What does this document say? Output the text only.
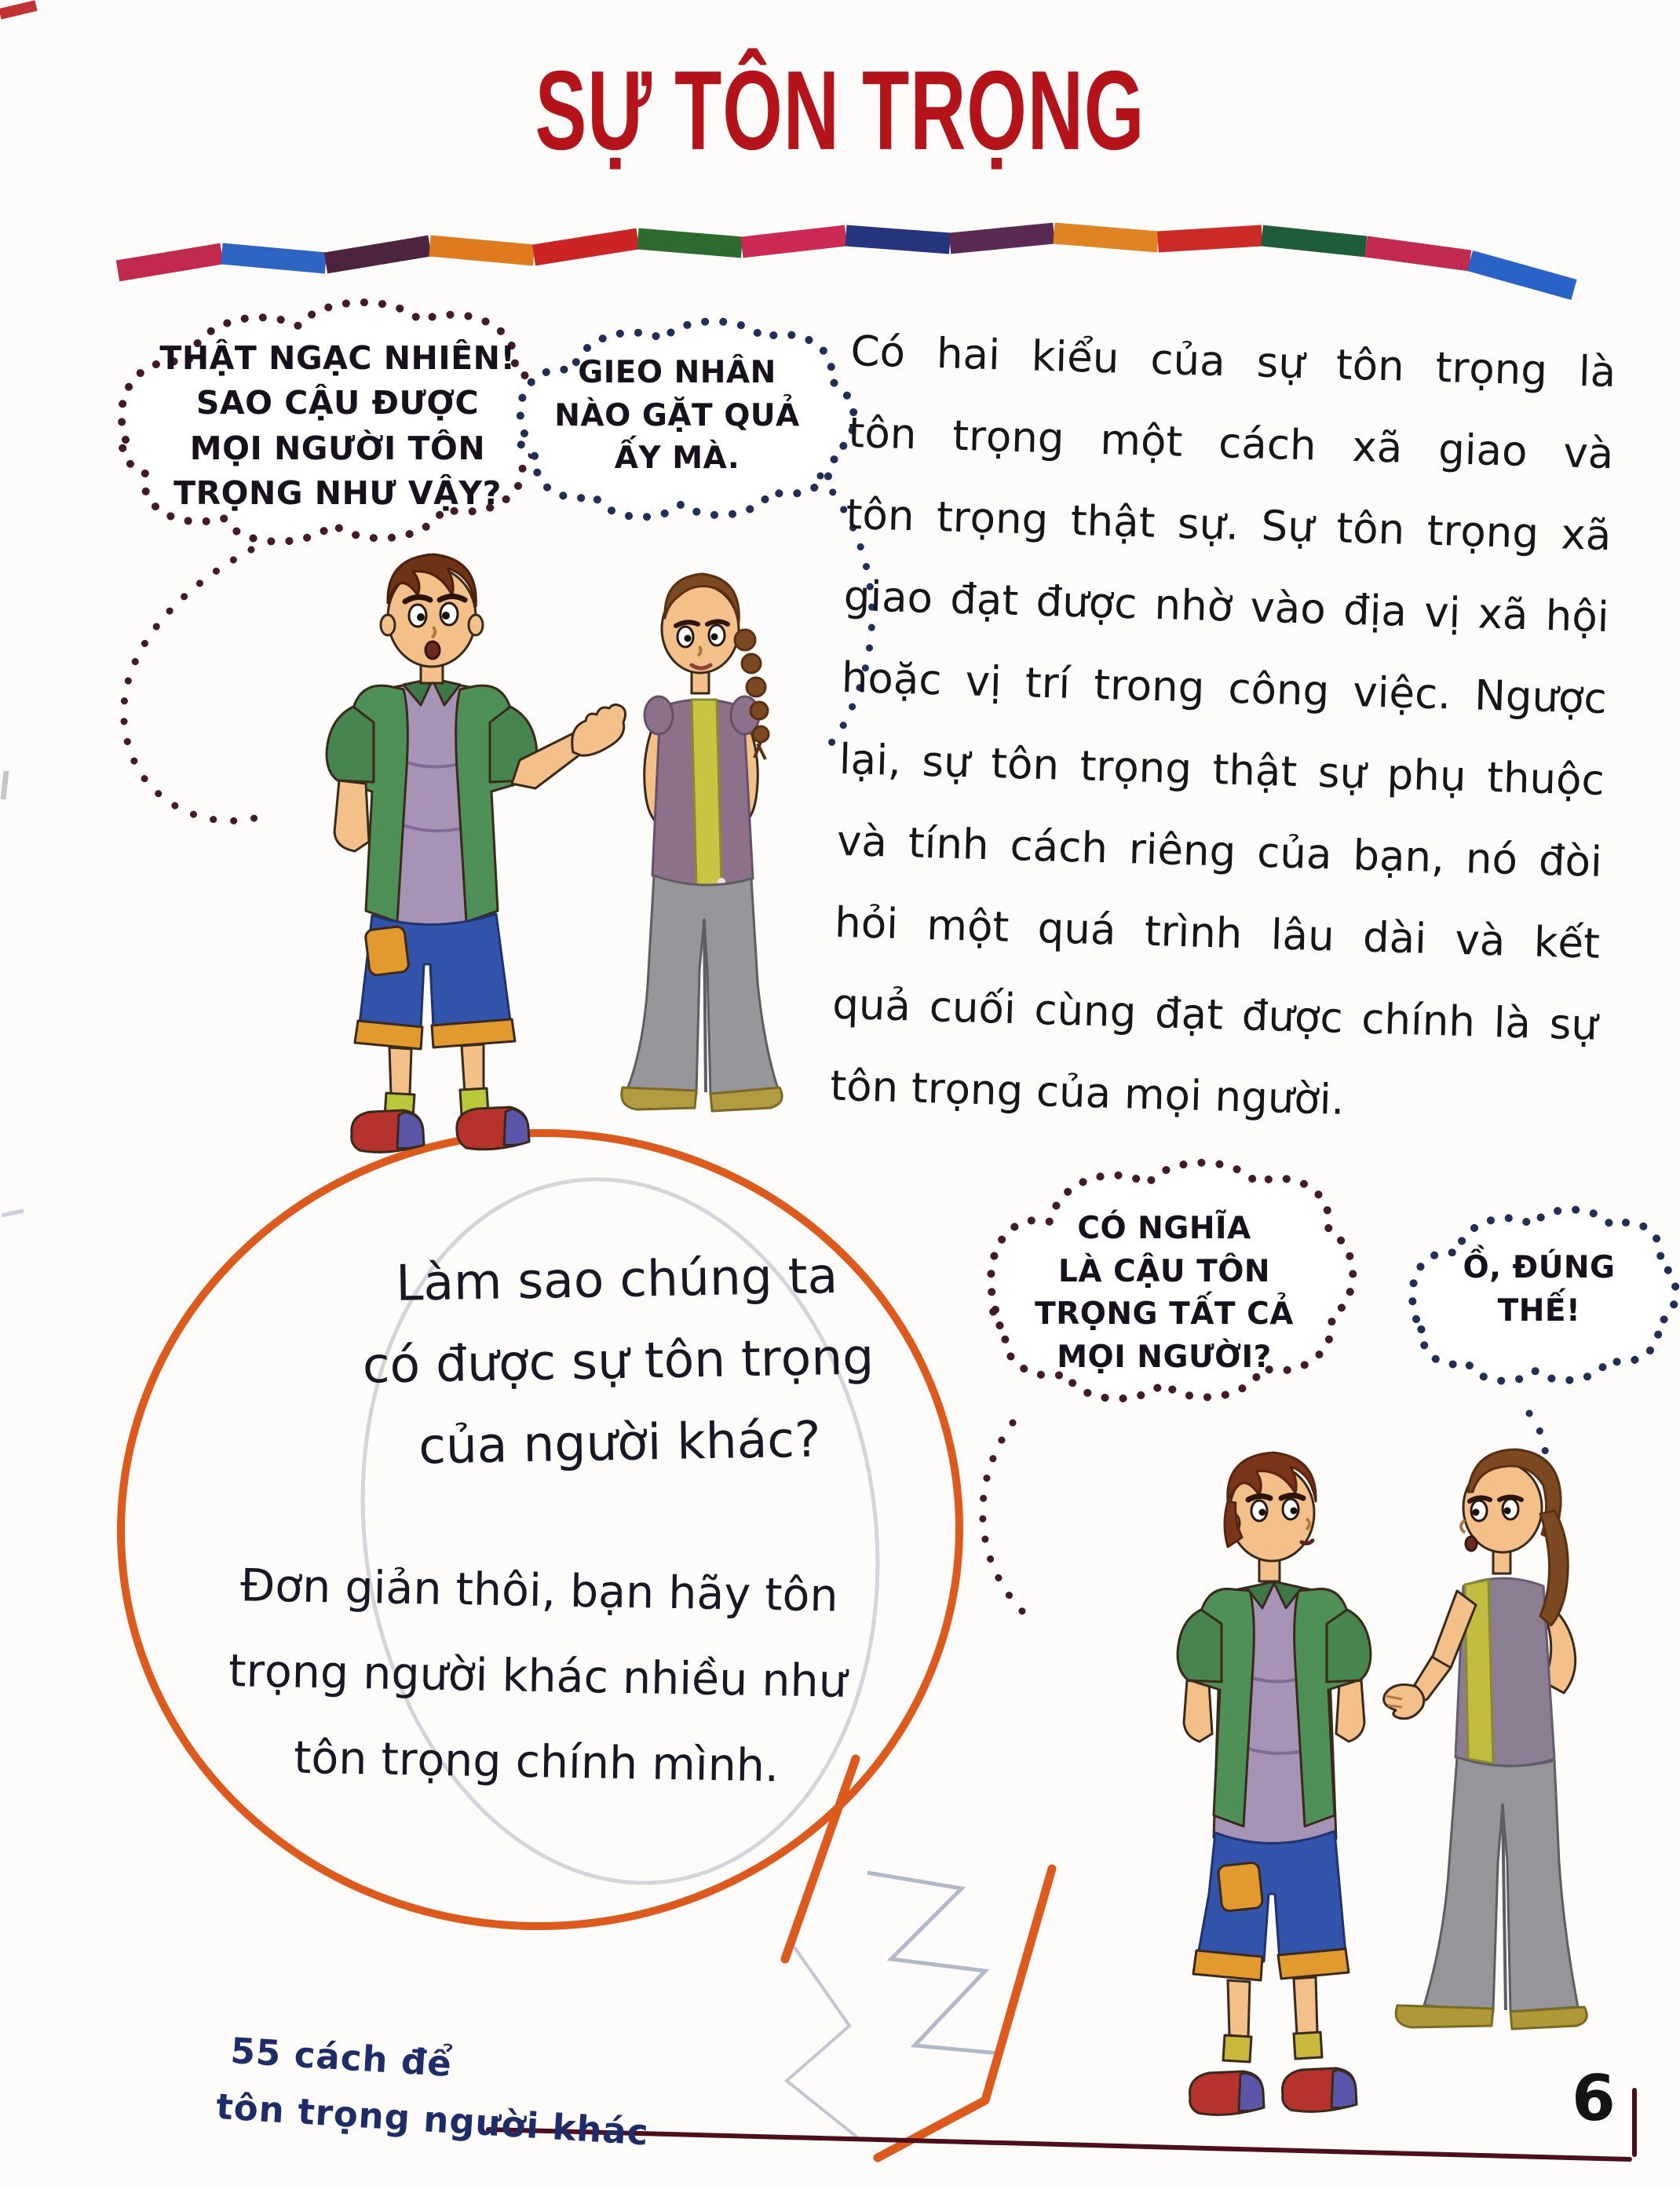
SỰ TÔN TRỌNG
Có hai kiểu của sự tôn trọng là
tôn trọng một cách xã giao và
tôn trọng thật sự. Sự tôn trọng xã
giao đạt được nhờ vào địa vị xã hội
hoặc vị trí trong công việc. Ngược
lại, sự tôn trọng thật sự phụ thuộc
và tính cách riêng của bạn, nó đòi
hỏi một quá trình lâu dài và kết
quả cuối cùng đạt được chính là sự
tôn trọng của mọi người.
THẬT NGẠC NHIÊN!
SAO CẬU ĐƯỢC
MỌI NGƯỜI TÔN
TRỌNG NHƯ VẬY?
GIEO NHÂN
NÀO GẶT QUẢ
ẤY MÀ.
CÓ NGHĨA
LÀ CẬU TÔN
TRỌNG TẤT CẢ
MỌI NGƯỜI?
Ồ, ĐÚNG
THẾ!
Làm sao chúng ta
có được sự tôn trọng
của người khác?
Đơn giản thôi, bạn hãy tôn
trọng người khác nhiều như
tôn trọng chính mình.
55 cách để
tôn trọng người khác	6
